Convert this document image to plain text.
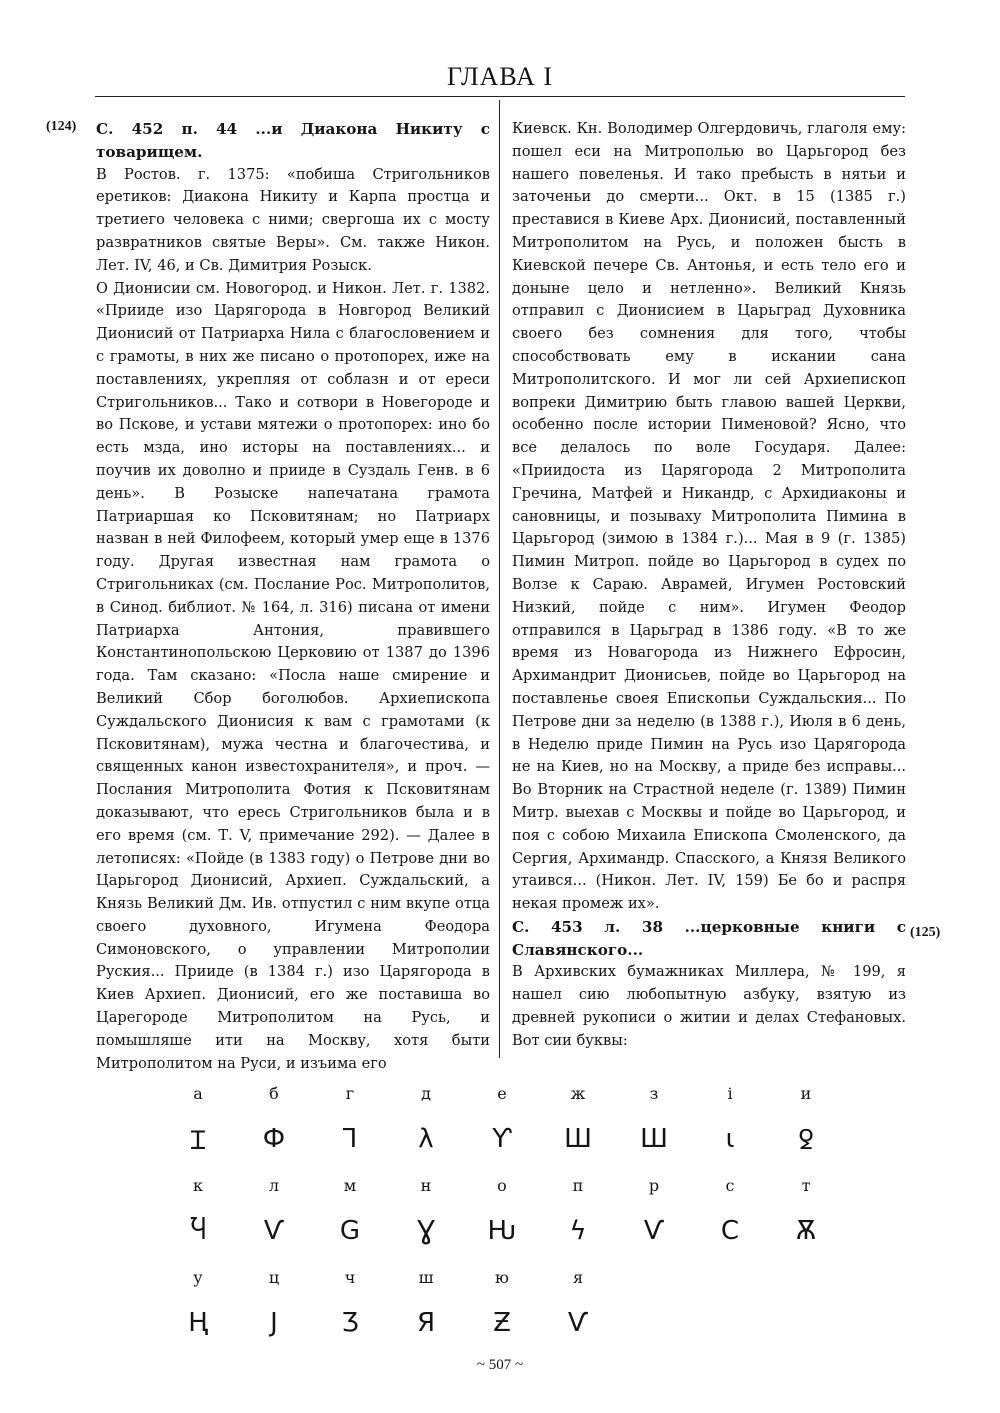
ГЛАВА I
(124)
(125)

С. 452 п. 44 ...и Диакона Никиту с товарищем.

В Ростов. г. 1375: «побиша Стригольников еретиков: Диакона Никиту и Карпа простца и третиего человека с ними; свергоша их с мосту развратников святые Веры». См. также Никон. Лет. IV, 46, и Св. Димитрия Розыск.

О Дионисии см. Новогород. и Никон. Лет. г. 1382. «Прииде изо Царягорода в Новгород Великий Дионисий от Патриарха Нила с благословением и с грамоты, в них же писано о протопорех, иже на поставлениях, укрепляя от соблазн и от ереси Стригольников... Тако и сотвори в Новегороде и во Пскове, и устави мятежи о протопорех: ино бо есть мзда, ино исторы на поставлениях... и поучив их доволно и прииде в Суздаль Генв. в 6 день». В Розыске напечатана грамота Патриаршая ко Псковитянам; но Патриарх назван в ней Филофеем, который умер еще в 1376 году. Другая известная нам грамота о Стригольниках (см. Послание Рос. Митрополитов, в Синод. библиот. № 164, л. 316) писана от имени Патриарха Антония, правившего Константинопольскою Церковию от 1387 до 1396 года. Там сказано: «Посла наше смирение и Великий Сбор боголюбов. Архиепископа Суждальского Дионисия к вам с грамотами (к Псковитянам), мужа честна и благочестива, и священных канон известохранителя», и проч. — Послания Митрополита Фотия к Псковитянам доказывают, что ересь Стригольников была и в его время (см. Т. V, примечание 292). — Далее в летописях: «Пойде (в 1383 году) о Петрове дни во Царьгород Дионисий, Архиеп. Суждальский, а Князь Великий Дм. Ив. отпустил с ним вкупе отца своего духовного, Игумена Феодора Симоновского, о управлении Митрополии Руския... Прииде (в 1384 г.) изо Царягорода в Киев Архиеп. Дионисий, его же поставиша во Царегороде Митрополитом на Русь, и помышляше ити на Москву, хотя быти Митрополитом на Руси, и изъима его

Киевск. Кн. Володимер Олгердовичь, глаголя ему: пошел еси на Митрополью во Царьгород без нашего повеленья. И тако пребысть в нятьи и заточеньи до смерти... Окт. в 15 (1385 г.) преставися в Киеве Арх. Дионисий, поставленный Митрополитом на Русь, и положен бысть в Киевской печере Св. Антонья, и есть тело его и доныне цело и нетленно». Великий Князь отправил с Дионисием в Царьград Духовника своего без сомнения для того, чтобы способствовать ему в искании сана Митрополитского. И мог ли сей Архиепископ вопреки Димитрию быть главою вашей Церкви, особенно после истории Пименовой? Ясно, что все делалось по воле Государя. Далее: «Приидоста из Царягорода 2 Митрополита Гречина, Матфей и Никандр, с Архидиаконы и сановницы, и позываху Митрополита Пимина в Царьгород (зимою в 1384 г.)... Мая в 9 (г. 1385) Пимин Митроп. пойде во Царьгород в судех по Волзе к Сараю. Аврамей, Игумен Ростовский Низкий, пойде с ним». Игумен Феодор отправился в Царьград в 1386 году. «В то же время из Новагорода из Нижнего Ефросин, Архимандрит Дионисьев, пойде во Царьгород на поставленье своея Епископьи Суждальския... По Петрове дни за неделю (в 1388 г.), Июля в 6 день, в Неделю приде Пимин на Русь изо Царягорода не на Киев, но на Москву, а приде без исправы... Во Вторник на Страстной неделе (г. 1389) Пимин Митр. выехав с Москвы и пойде во Царьгород, и поя с собою Михаила Епископа Смоленского, да Сергия, Архимандр. Спасского, а Князя Великого утаився... (Никон. Лет. IV, 159) Бе бо и распря некая промеж их».

С. 453 л. 38 ...церковные книги с Славянского...

В Архивских бумажниках Миллера, № 199, я нашел сию любопытную азбуку, взятую из древней рукописи о житии и делах Стефановых. Вот сии буквы:

а	б	г	д	е	ж	з	і	и
Ɪ	Ф	Ꞁ	λ	Ƴ	Ш	Ш	ι	ꝿ
к	л	м	н	о	п	р	с	т
Ⴏ	Ѵ	G	Ɣ	Ƕ	ϟ	Ѵ	C	Ѫ
у	ц	ч	ш	ю	я
Ң	J	Ʒ	Я	Ƶ	Ѵ
~ 507 ~
